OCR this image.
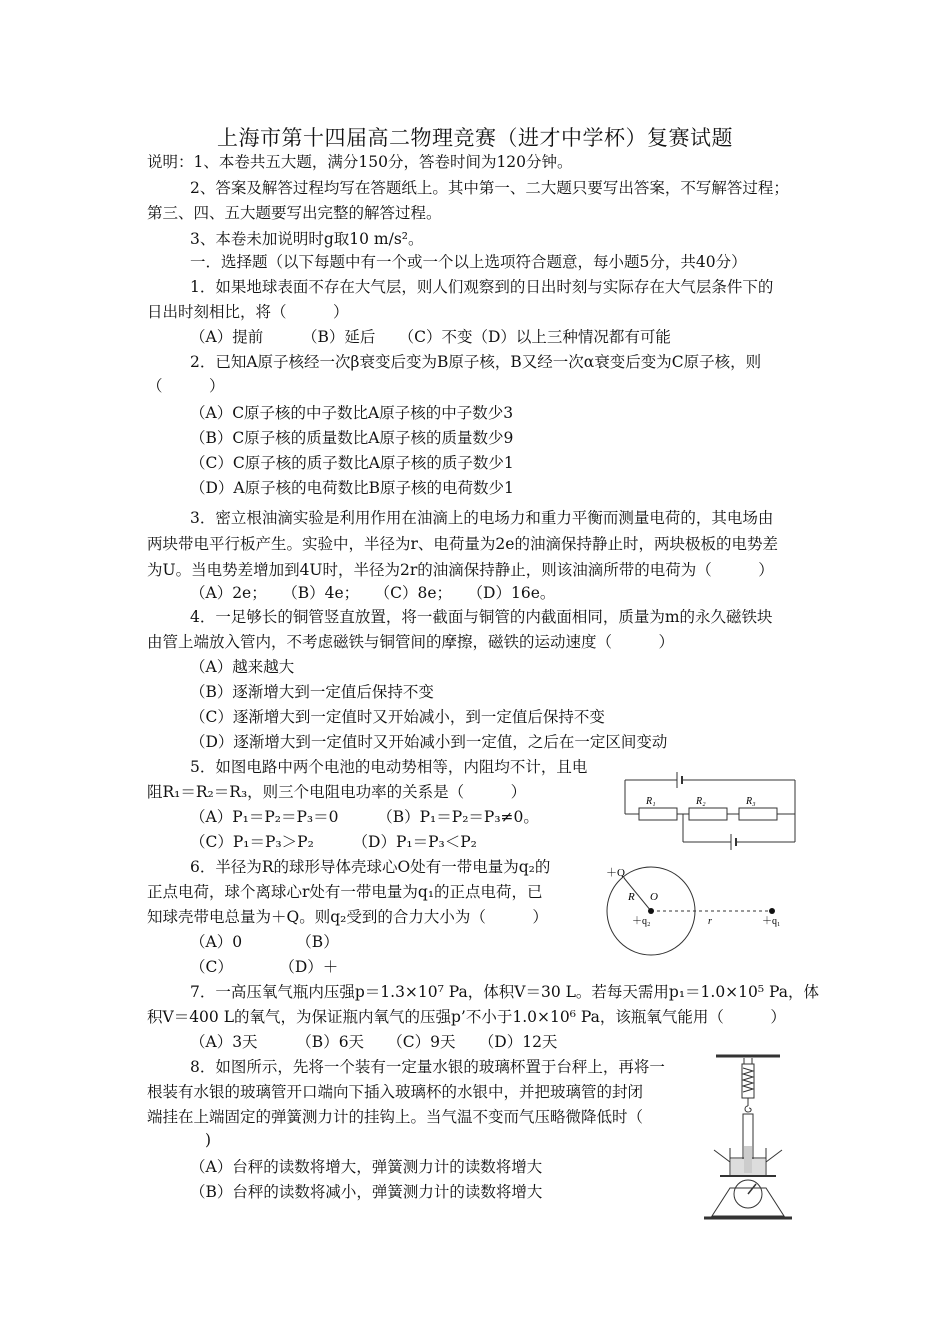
上海市第十四届高二物理竞赛（进才中学杯）复赛试题
说明：1、本卷共五大题，满分150分，答卷时间为120分钟。
2、答案及解答过程均写在答题纸上。其中第一、二大题只要写出答案，不写解答过程；
第三、四、五大题要写出完整的解答过程。
3、本卷未加说明时g取10 m/s²。
一．选择题（以下每题中有一个或一个以上选项符合题意，每小题5分，共40分）
1．如果地球表面不存在大气层，则人们观察到的日出时刻与实际存在大气层条件下的
日出时刻相比，将（　　　）
（A）提前　　　（B）延后　　（C）不变（D）以上三种情况都有可能
2．已知A原子核经一次β衰变后变为B原子核，B又经一次α衰变后变为C原子核，则
（　　　）
（A）C原子核的中子数比A原子核的中子数少3
（B）C原子核的质量数比A原子核的质量数少9
（C）C原子核的质子数比A原子核的质子数少1
（D）A原子核的电荷数比B原子核的电荷数少1
3．密立根油滴实验是利用作用在油滴上的电场力和重力平衡而测量电荷的，其电场由
两块带电平行板产生。实验中，半径为r、电荷量为2e的油滴保持静止时，两块极板的电势差
为U。当电势差增加到4U时，半径为2r的油滴保持静止，则该油滴所带的电荷为（　　　）
（A）2e；　　（B）4e；　　（C）8e；　　（D）16e。
4．一足够长的铜管竖直放置，将一截面与铜管的内截面相同，质量为m的永久磁铁块
由管上端放入管内，不考虑磁铁与铜管间的摩擦，磁铁的运动速度（　　　）
（A）越来越大
（B）逐渐增大到一定值后保持不变
（C）逐渐增大到一定值时又开始减小，到一定值后保持不变
（D）逐渐增大到一定值时又开始减小到一定值，之后在一定区间变动
5．如图电路中两个电池的电动势相等，内阻均不计，且电
阻R₁＝R₂＝R₃，则三个电阻电功率的关系是（　　　）
（A）P₁＝P₂＝P₃＝0　　　（B）P₁＝P₂＝P₃≠0。
（C）P₁＝P₃＞P₂　　　（D）P₁＝P₃＜P₂
R₁	R₂	R₃
6．半径为R的球形导体壳球心O处有一带电量为q₂的
正点电荷，球个离球心r处有一带电量为q₁的正点电荷，已
知球壳带电总量为＋Q。则q₂受到的合力大小为（　　　）
（A）0　　　　（B）
（C）　　　　（D）＋
＋Q
R O
＋q₂	r	＋q₁
7．一高压氧气瓶内压强p＝1.3×10⁷ Pa，体积V＝30 L。若每天需用p₁＝1.0×10⁵ Pa，体
积V＝400 L的氧气，为保证瓶内氧气的压强p’不小于1.0×10⁶ Pa，该瓶氧气能用（　　　）
（A）3天　　　（B）6天　　（C）9天　　（D）12天
8．如图所示，先将一个装有一定量水银的玻璃杯置于台秤上，再将一
根装有水银的玻璃管开口端向下插入玻璃杯的水银中，并把玻璃管的封闭
端挂在上端固定的弹簧测力计的挂钩上。当气温不变而气压略微降低时（
)
（A）台秤的读数将增大，弹簧测力计的读数将增大
（B）台秤的读数将减小，弹簧测力计的读数将增大
